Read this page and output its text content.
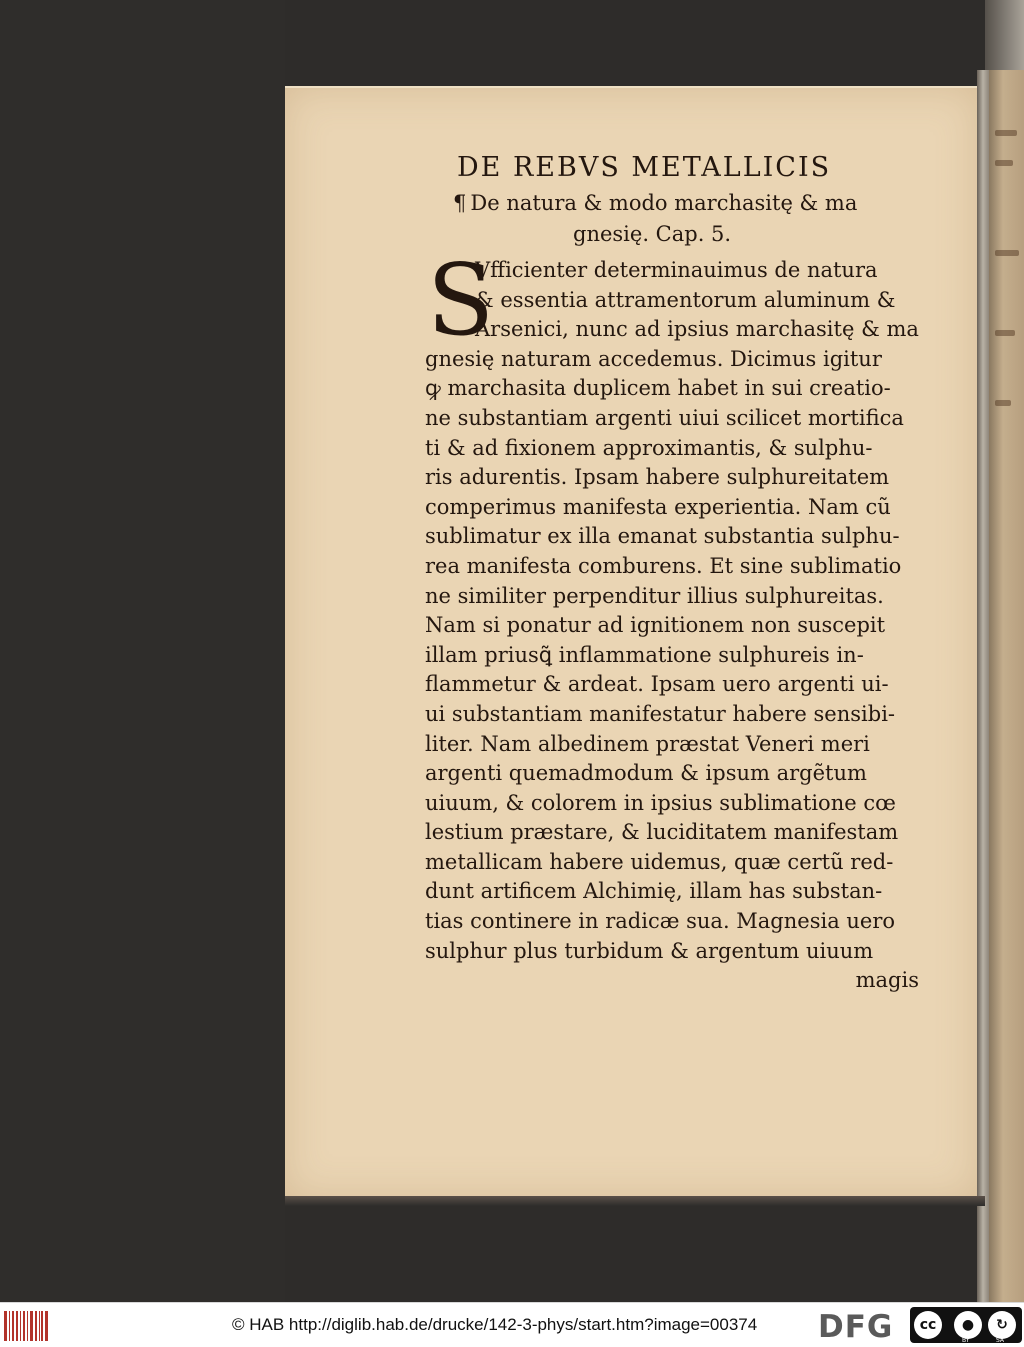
DE REBVS METALLICIS
¶ De natura & modo marchasitę & ma
gnesię. Cap. 5.
S
Vfficienter determinauimus de natura
& essentia attramentorum aluminum &
Arsenici, nunc ad ipsius marchasitę & ma
gnesię naturam accedemus. Dicimus igitur
ꝙ marchasita duplicem habet in sui creatio-
ne substantiam argenti uiui scilicet mortifica
ti & ad fixionem approximantis, & sulphu-
ris adurentis. Ipsam habere sulphureitatem
comperimus manifesta experientia. Nam cũ
sublimatur ex illa emanat substantia sulphu-
rea manifesta comburens. Et sine sublimatio
ne similiter perpenditur illius sulphureitas.
Nam si ponatur ad ignitionem non suscepit
illam priusꝗ̃ inflammatione sulphureis in-
flammetur & ardeat. Ipsam uero argenti ui-
ui substantiam manifestatur habere sensibi-
liter. Nam albedinem præstat Veneri meri
argenti quemadmodum & ipsum argẽtum
uiuum, & colorem in ipsius sublimatione cœ
lestium præstare, & luciditatem manifestam
metallicam habere uidemus, quæ certũ red-
dunt artificem Alchimię, illam has substan-
tias continere in radicæ sua. Magnesia uero
sulphur plus turbidum & argentum uiuum
magis
© HAB http://diglib.hab.de/drucke/142-3-phys/start.htm?image=00374 DFG	cc	●	↻
BY	SA
